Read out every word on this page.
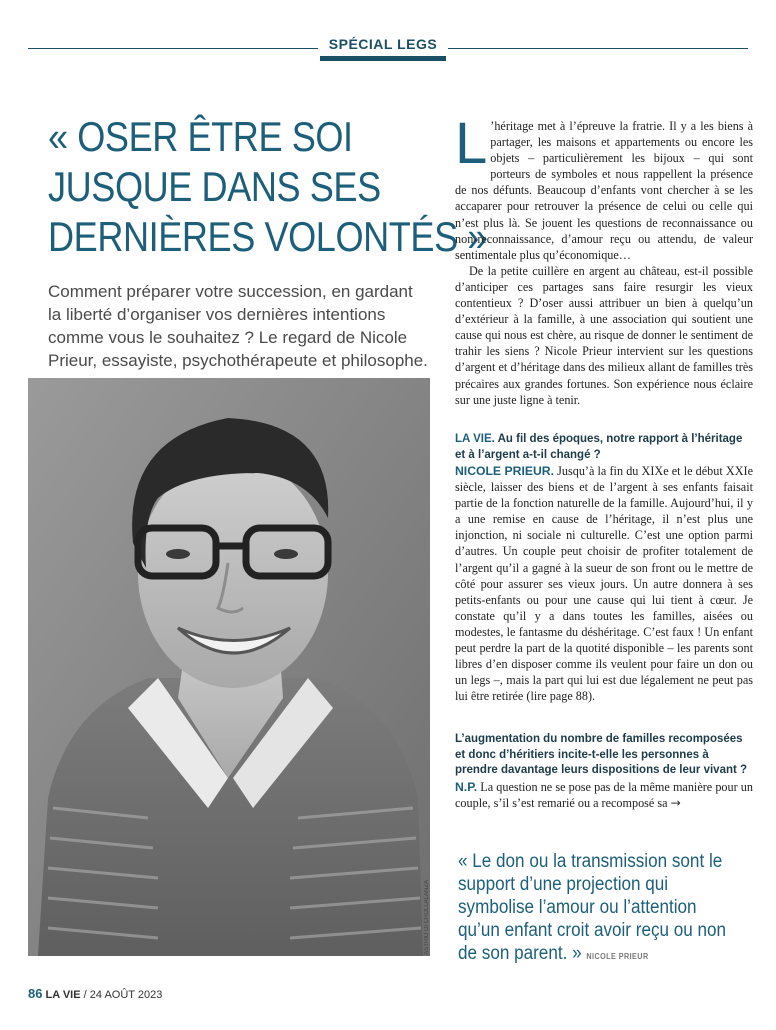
SPÉCIAL LEGS
« OSER ÊTRE SOI
JUSQUE DANS SES
DERNIÈRES VOLONTÉS »

Comment préparer votre succession, en gardant la liberté d’organiser vos dernières intentions comme vous le souhaitez ? Le regard de Nicole Prieur, essayiste, psychothérapeute et philosophe.

ASTRID DI CROLLALANZA
L ’héritage met à l’épreuve la fratrie. Il y a les biens à partager, les maisons et appartements ou encore les objets – particulièrement les bijoux – qui sont porteurs de symboles et nous rappellent la présence de nos défunts. Beaucoup d’enfants vont chercher à se les accaparer pour retrouver la présence de celui ou celle qui n’est plus là. Se jouent les questions de reconnaissance ou non-reconnaissance, d’amour reçu ou attendu, de valeur sentimentale plus qu’économique…

De la petite cuillère en argent au château, est-il possible d’anticiper ces partages sans faire resurgir les vieux contentieux ? D’oser aussi attribuer un bien à quelqu’un d’extérieur à la famille, à une association qui soutient une cause qui nous est chère, au risque de donner le sentiment de trahir les siens ? Nicole Prieur intervient sur les questions d’argent et d’héritage dans des milieux allant de familles très précaires aux grandes fortunes. Son expérience nous éclaire sur une juste ligne à tenir.

LA VIE. Au fil des époques, notre rapport à l’héritage et à l’argent a-t-il changé ?
NICOLE PRIEUR. Jusqu’à la fin du XIXe et le début XXIe siècle, laisser des biens et de l’argent à ses enfants faisait partie de la fonction naturelle de la famille. Aujourd’hui, il y a une remise en cause de l’héritage, il n’est plus une injonction, ni sociale ni culturelle. C’est une option parmi d’autres. Un couple peut choisir de profiter totalement de l’argent qu’il a gagné à la sueur de son front ou le mettre de côté pour assurer ses vieux jours. Un autre donnera à ses petits-enfants ou pour une cause qui lui tient à cœur. Je constate qu’il y a dans toutes les familles, aisées ou modestes, le fantasme du déshéritage. C’est faux ! Un enfant peut perdre la part de la quotité disponible – les parents sont libres d’en disposer comme ils veulent pour faire un don ou un legs –, mais la part qui lui est due légalement ne peut pas lui être retirée (lire page 88).
L’augmentation du nombre de familles recomposées et donc d’héritiers incite-t-elle les personnes à prendre davantage leurs dispositions de leur vivant ?
N.P. La question ne se pose pas de la même manière pour un couple, s’il s’est remarié ou a recomposé sa →
« Le don ou la transmission sont le support d’une projection qui symbolise l’amour ou l’attention qu’un enfant croit avoir reçu ou non de son parent. » NICOLE PRIEUR
86 LA VIE / 24 AOÛT 2023
